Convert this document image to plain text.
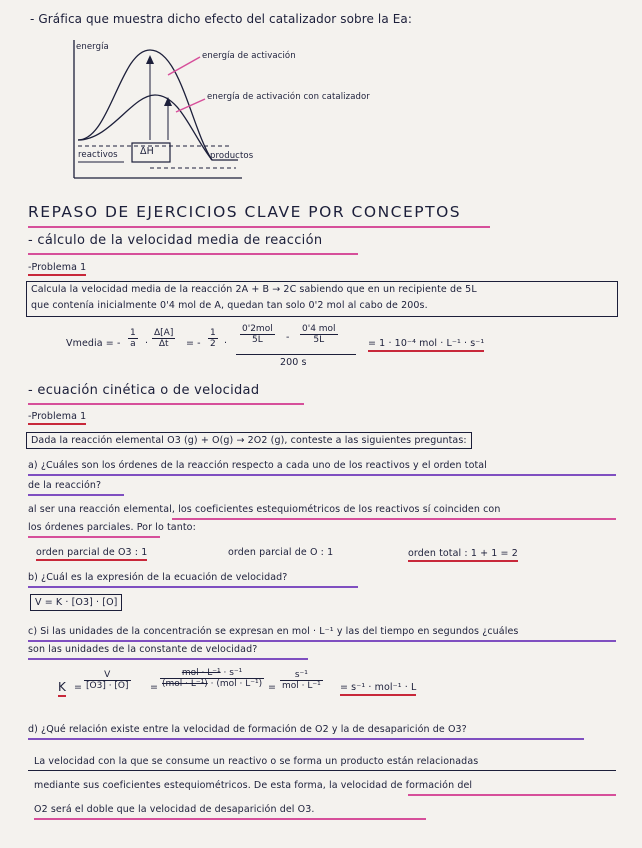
- Gráfica que muestra dicho efecto del catalizador sobre la Ea:
energía
energía de activación
energía de activación con catalizador
reactivos ΔH	productos
REPASO DE EJERCICIOS CLAVE POR CONCEPTOS
- cálculo de la velocidad media de reacción
-Problema 1
Calcula la velocidad media de la reacción 2A + B → 2C sabiendo que en un recipiente de 5L
que contenía inicialmente 0'4 mol de A, quedan tan solo 0'2 mol al cabo de 200s.
Vmedia = - $\frac{1}{a} \cdot \frac{\Delta[A]}{\Delta t}$ = - $\frac{1}{2}$ ·
0'2mol
5L	-
0'4 mol
5L
200 s
= 1 · 10⁻⁴ mol · L⁻¹ · s⁻¹
- ecuación cinética o de velocidad
-Problema 1
Dada la reacción elemental O3 (g) + O(g) → 2O2 (g), conteste a las siguientes preguntas:
a) ¿Cuáles son los órdenes de la reacción respecto a cada uno de los reactivos y el orden total
de la reacción?
al ser una reacción elemental, los coeficientes estequiométricos de los reactivos sí coinciden con
los órdenes parciales. Por lo tanto:
orden parcial de O3 : 1	orden parcial de O : 1	orden total : 1 + 1 = 2
b) ¿Cuál es la expresión de la ecuación de velocidad?
V = K · [O3] · [O]
c) Si las unidades de la concentración se expresan en mol · L⁻¹ y las del tiempo en segundos ¿cuáles
son las unidades de la constante de velocidad?
$K = \frac{V}{[O3] \cdot [O]}$ =
mol · L⁻¹ · s⁻¹
(mol · L⁻¹) · (mol · L⁻¹) =
s⁻¹
mol · L⁻¹ = s⁻¹ · mol⁻¹ · L
d) ¿Qué relación existe entre la velocidad de formación de O2 y la de desaparición de O3?
La velocidad con la que se consume un reactivo o se forma un producto están relacionadas
mediante sus coeficientes estequiométricos. De esta forma, la velocidad de formación del
O2 será el doble que la velocidad de desaparición del O3.
